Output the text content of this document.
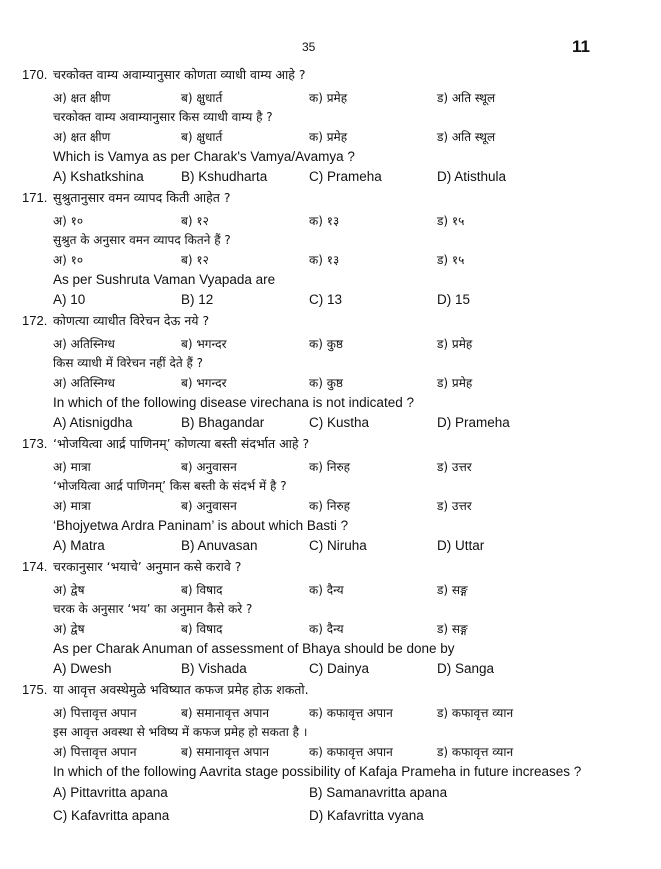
35	11
170. चरकोक्त वाम्य अवाम्यानुसार कोणता व्याधी वाम्य आहे ?
अ) क्षत क्षीण	ब) क्षुधार्त	क) प्रमेह	ड) अति स्थूल
चरकोक्त वाम्य अवाम्यानुसार किस व्याधी वाम्य है ?
अ) क्षत क्षीण	ब) क्षुधार्त	क) प्रमेह	ड) अति स्थूल
Which is Vamya as per Charak's Vamya/Avamya ?
A) Kshatkshina	B) Kshudharta	C) Prameha	D) Atisthula
171. सुश्रुतानुसार वमन व्यापद किती आहेत ?
अ) १०	ब) १२	क) १३	ड) १५
सुश्रुत के अनुसार वमन व्यापद कितने हैं ?
अ) १०	ब) १२	क) १३	ड) १५
As per Sushruta Vaman Vyapada are
A) 10	B) 12	C) 13	D) 15
172. कोणत्या व्याधीत विरेचन देऊ नये ?
अ) अतिस्निग्ध	ब) भगन्दर	क) कुष्ठ	ड) प्रमेह
किस व्याधी में विरेचन नहीं देते हैं ?
अ) अतिस्निग्ध	ब) भगन्दर	क) कुष्ठ	ड) प्रमेह
In which of the following disease virechana is not indicated ?
A) Atisnigdha	B) Bhagandar	C) Kustha	D) Prameha
173. ‘भोजयित्वा आर्द्र पाणिनम्’ कोणत्या बस्ती संदर्भात आहे ?
अ) मात्रा	ब) अनुवासन	क) निरुह	ड) उत्तर
‘भोजयित्वा आर्द्र पाणिनम्’ किस बस्ती के संदर्भ में है ?
अ) मात्रा	ब) अनुवासन	क) निरुह	ड) उत्तर
‘Bhojyetwa Ardra Paninam’ is about which Basti ?
A) Matra	B) Anuvasan	C) Niruha	D) Uttar
174. चरकानुसार ‘भयाचे’ अनुमान कसे करावे ?
अ) द्वेष	ब) विषाद	क) दैन्य	ड) सङ्ग
चरक के अनुसार ‘भय’ का अनुमान कैसे करे ?
अ) द्वेष	ब) विषाद	क) दैन्य	ड) सङ्ग
As per Charak Anuman of assessment of Bhaya should be done by
A) Dwesh	B) Vishada	C) Dainya	D) Sanga
175. या आवृत्त अवस्थेमुळे भविष्यात कफज प्रमेह होऊ शकतो.
अ) पित्तावृत्त अपान	ब) समानावृत्त अपान	क) कफावृत्त अपान	ड) कफावृत्त व्यान
इस आवृत्त अवस्था से भविष्य में कफज प्रमेह हो सकता है ।
अ) पित्तावृत्त अपान	ब) समानावृत्त अपान	क) कफावृत्त अपान	ड) कफावृत्त व्यान
In which of the following Aavrita stage possibility of Kafaja Prameha in future increases ?
A) Pittavritta apana	B) Samanavritta apana
C) Kafavritta apana	D) Kafavritta vyana
